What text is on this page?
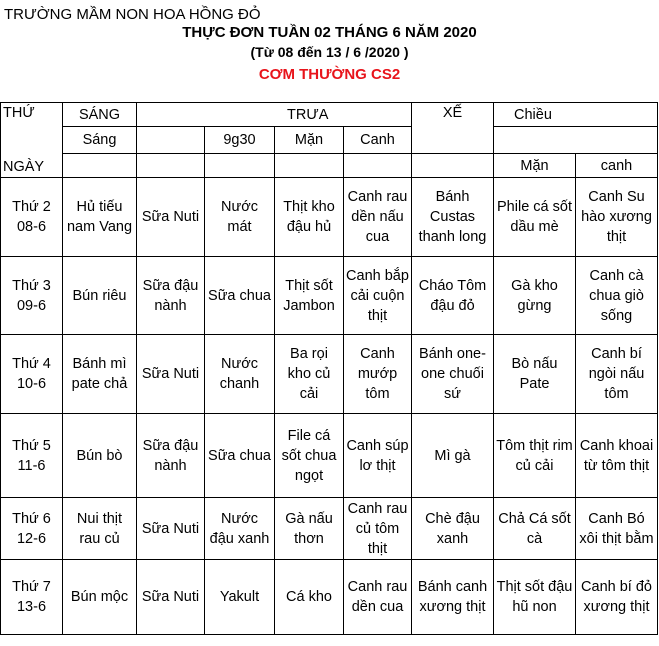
TRƯỜNG MẦM NON HOA HỒNG ĐỎ
THỰC ĐƠN TUẦN 02 THÁNG 6 NĂM 2020
(Từ 08 đến 13 / 6 /2020 )
CƠM THƯỜNG CS2
THỨ	SÁNG		TRƯA			XẾ	Chiều	
	Sáng		9g30	Mặn	Canh			
NGÀY							Mặn	canh

Thứ 2
08-6	Hủ tiếu nam Vang	Sữa Nuti	Nước mát	Thịt kho đậu hủ	Canh rau dền nấu cua	Bánh Custas thanh long	Phile cá sốt dầu mè	Canh Su hào xương thịt

Thứ 3
09-6	Bún riêu	Sữa đậu nành	Sữa chua	Thịt sốt Jambon	Canh bắp cải cuộn thịt	Cháo Tôm đậu đỏ	Gà kho gừng	Canh cà chua giò sống

Thứ 4
10-6	Bánh mì pate chả	Sữa Nuti	Nước chanh	Ba rọi kho củ cải	Canh mướp tôm	Bánh one-one chuối sứ	Bò nấu Pate	Canh bí ngòi nấu tôm

Thứ 5
11-6	Bún bò	Sữa đậu nành	Sữa chua	File cá sốt chua ngọt	Canh súp lơ thịt	Mì gà	Tôm thịt rim củ cải	Canh khoai từ tôm thịt

Thứ 6
12-6	Nui thịt rau củ	Sữa Nuti	Nước đậu xanh	Gà nấu thơn	Canh rau củ tôm thịt	Chè đậu xanh	Chả Cá sốt cà	Canh Bó xôi thịt bằm

Thứ 7
13-6	Bún mộc	Sữa Nuti	Yakult	Cá kho	Canh rau dền cua	Bánh canh xương thịt	Thịt sốt đậu hũ non	Canh bí đỏ xương thịt
